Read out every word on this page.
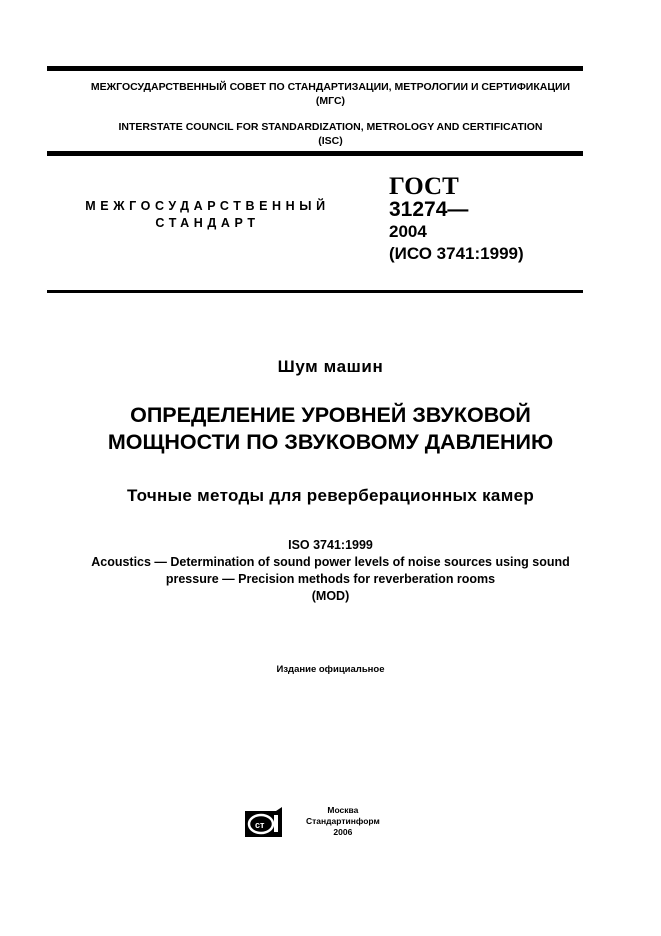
МЕЖГОСУДАРСТВЕННЫЙ СОВЕТ ПО СТАНДАРТИЗАЦИИ, МЕТРОЛОГИИ И СЕРТИФИКАЦИИ
(МГС)
INTERSTATE COUNCIL FOR STANDARDIZATION, METROLOGY AND CERTIFICATION
(ISC)
МЕЖГОСУДАРСТВЕННЫЙ
СТАНДАРТ
ГОСТ
31274—
2004
(ИСО 3741:1999)
Шум машин
ОПРЕДЕЛЕНИЕ УРОВНЕЙ ЗВУКОВОЙ
МОЩНОСТИ ПО ЗВУКОВОМУ ДАВЛЕНИЮ
Точные методы для реверберационных камер
ISO 3741:1999
Acoustics — Determination of sound power levels of noise sources using sound
pressure — Precision methods for reverberation rooms
(MOD)
Издание официальное
ст
Москва
Стандартинформ
2006
